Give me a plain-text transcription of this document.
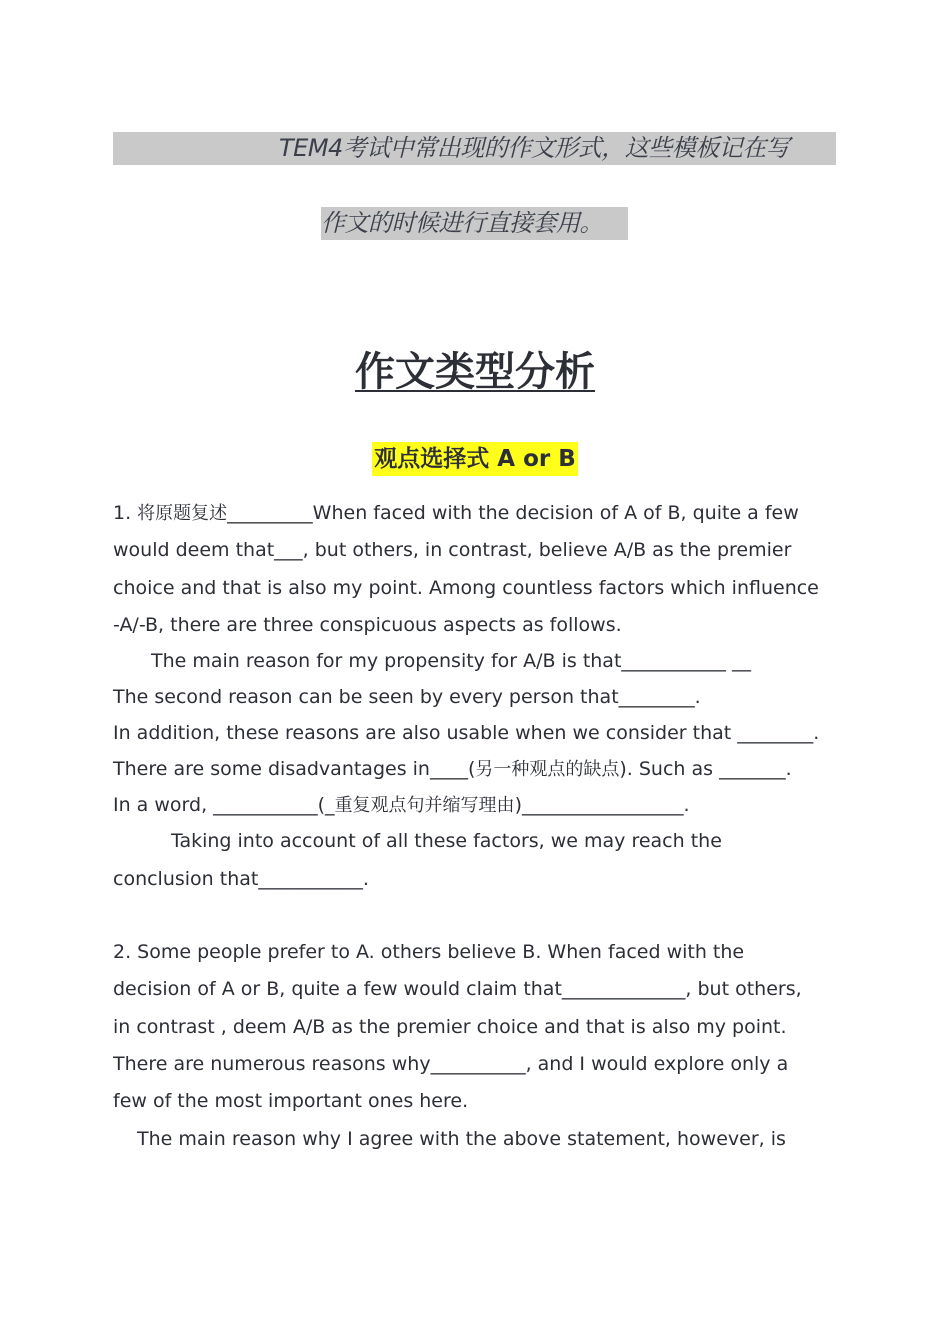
TEM4考试中常出现的作文形式，这些模板记在写
作文的时候进行直接套用。
作文类型分析
观点选择式 A or B
1. 将原题复述_________When faced with the decision of A of B, quite a few
would deem that___, but others, in contrast, believe A/B as the premier
choice and that is also my point. Among countless factors which influence
-A/-B, there are three conspicuous aspects as follows.
The main reason for my propensity for A/B is that___________ __
The second reason can be seen by every person that________.
In addition, these reasons are also usable when we consider that ________.
There are some disadvantages in____(另一种观点的缺点). Such as _______.
In a word, ___________(_重复观点句并缩写理由)_________________.
Taking into account of all these factors, we may reach the
conclusion that___________.
2. Some people prefer to A. others believe B. When faced with the
decision of A or B, quite a few would claim that_____________, but others,
in contrast , deem A/B as the premier choice and that is also my point.
There are numerous reasons why__________, and I would explore only a
few of the most important ones here.
The main reason why I agree with the above statement, however, is
